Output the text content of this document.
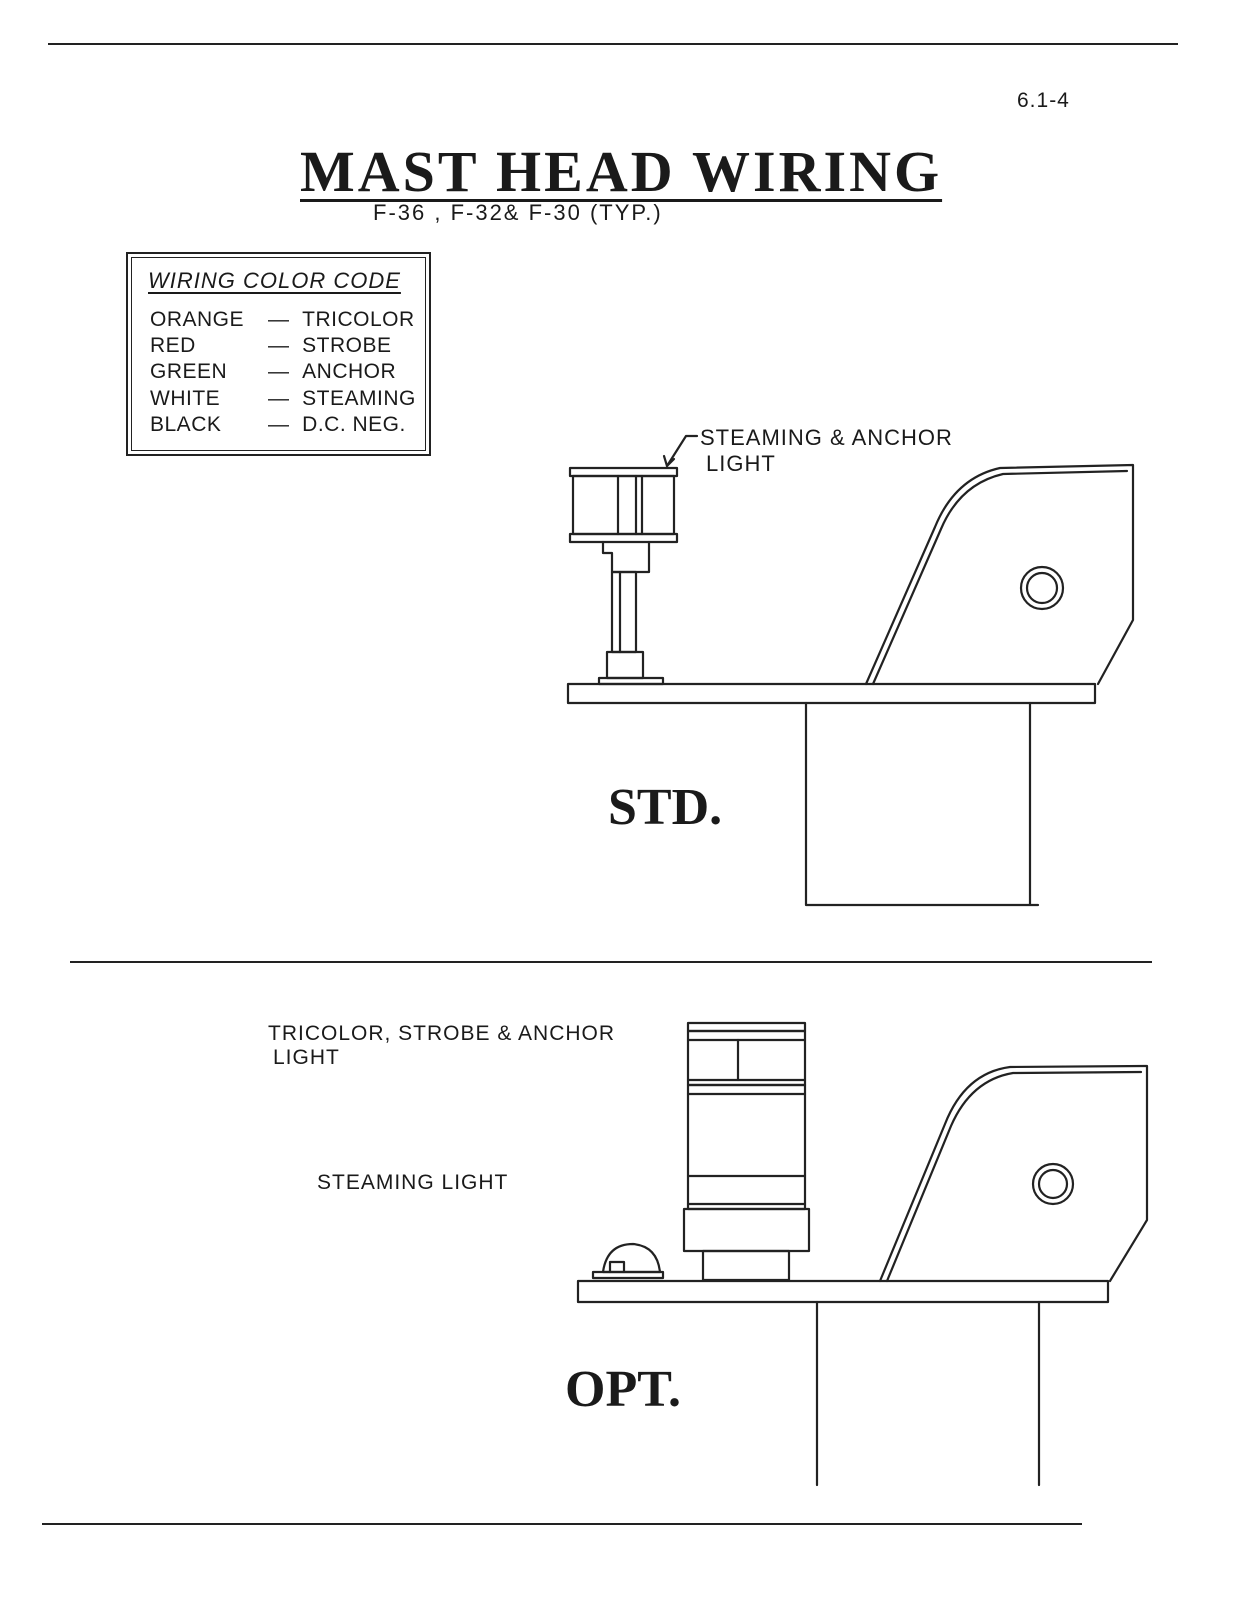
6.1-4
MAST HEAD WIRING
F-36 , F-32& F-30 (TYP.)
WIRING COLOR CODE
ORANGE — TRICOLOR
RED	— STROBE
GREEN — ANCHOR
WHITE — STEAMING
BLACK — D.C. NEG.
STEAMING & ANCHOR
LIGHT
TRICOLOR, STROBE & ANCHOR
LIGHT
STEAMING LIGHT
STD.
OPT.
